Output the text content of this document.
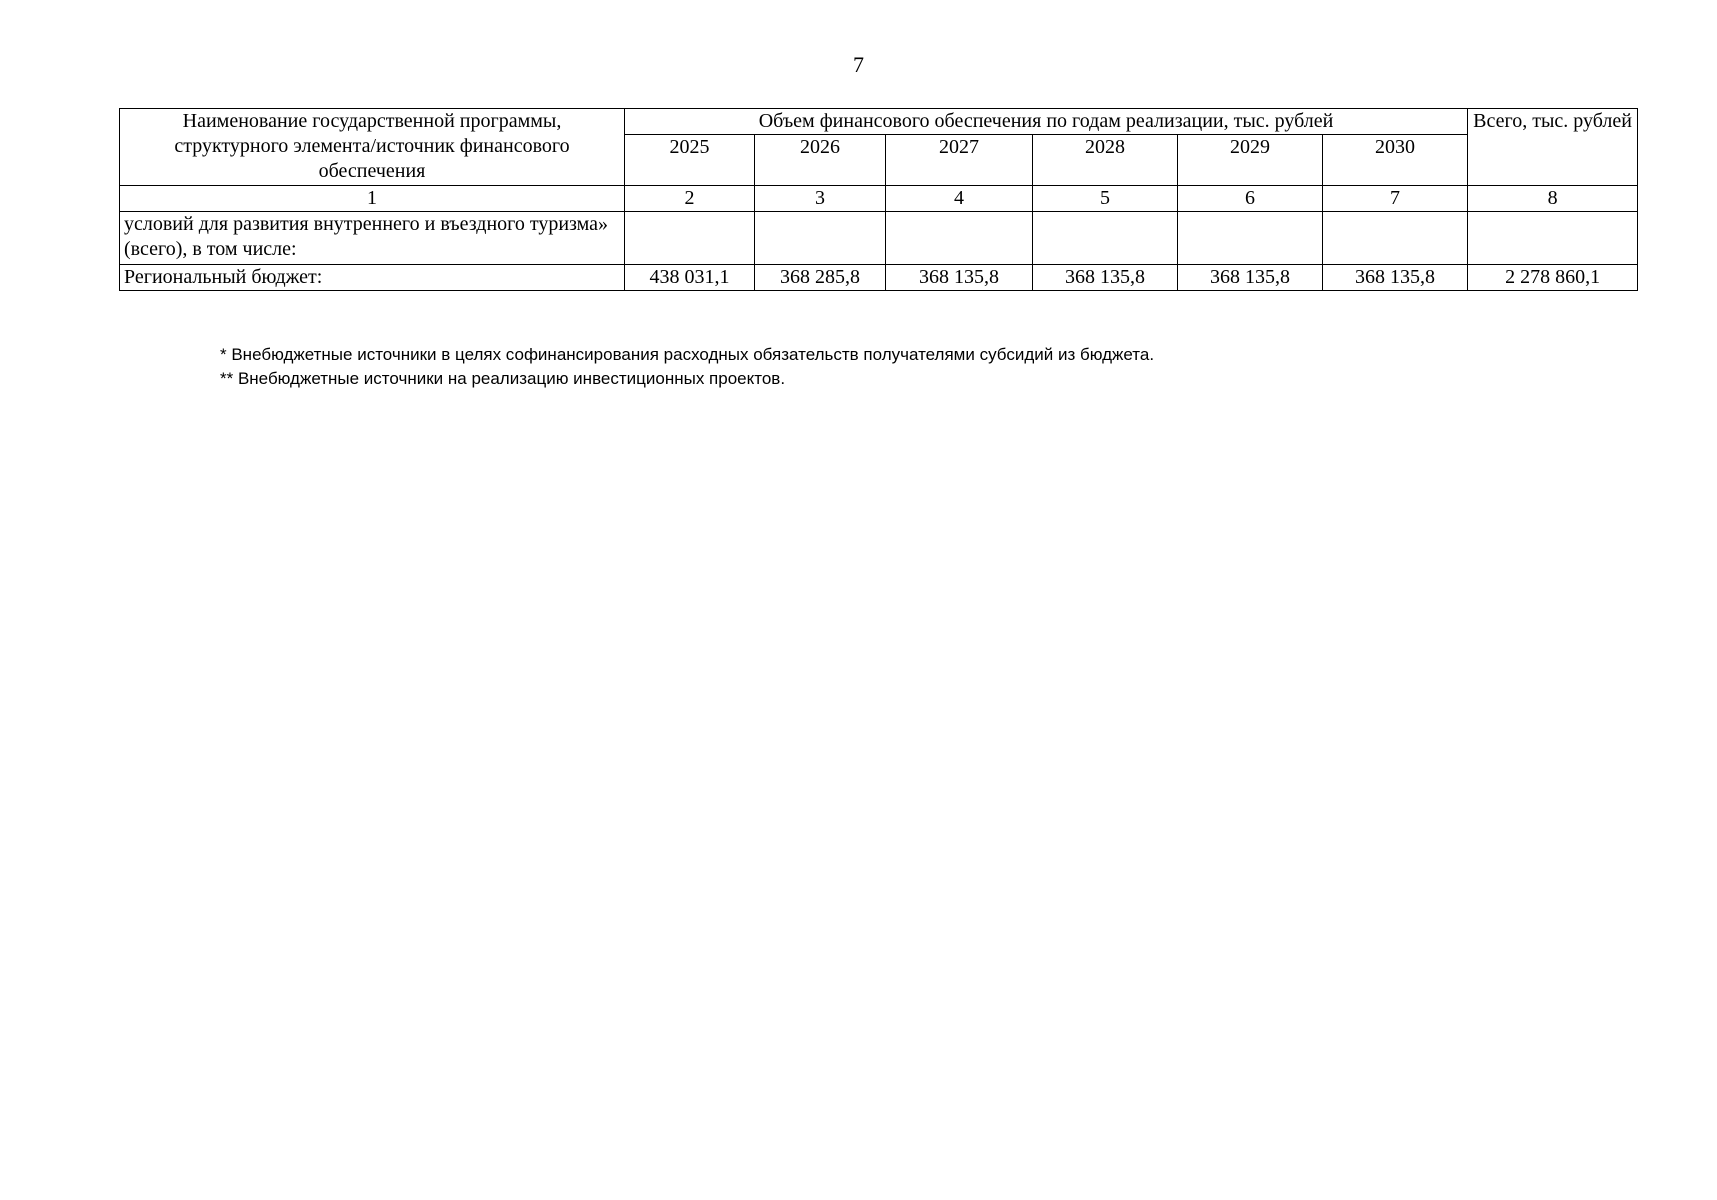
7
Наименование государственной программы, структурного элемента/источник финансового обеспечения	Объем финансового обеспечения по годам реализации, тыс. рублей						Всего, тыс. рублей
	2025	2026	2027	2028	2029	2030	
1	2	3	4	5	6	7	8
условий для развития внутреннего и въездного туризма» (всего), в том числе:							
Региональный бюджет:	438 031,1	368 285,8	368 135,8	368 135,8	368 135,8	368 135,8	2 278 860,1
* Внебюджетные источники в целях софинансирования расходных обязательств получателями субсидий из бюджета.
** Внебюджетные источники на реализацию инвестиционных проектов.
